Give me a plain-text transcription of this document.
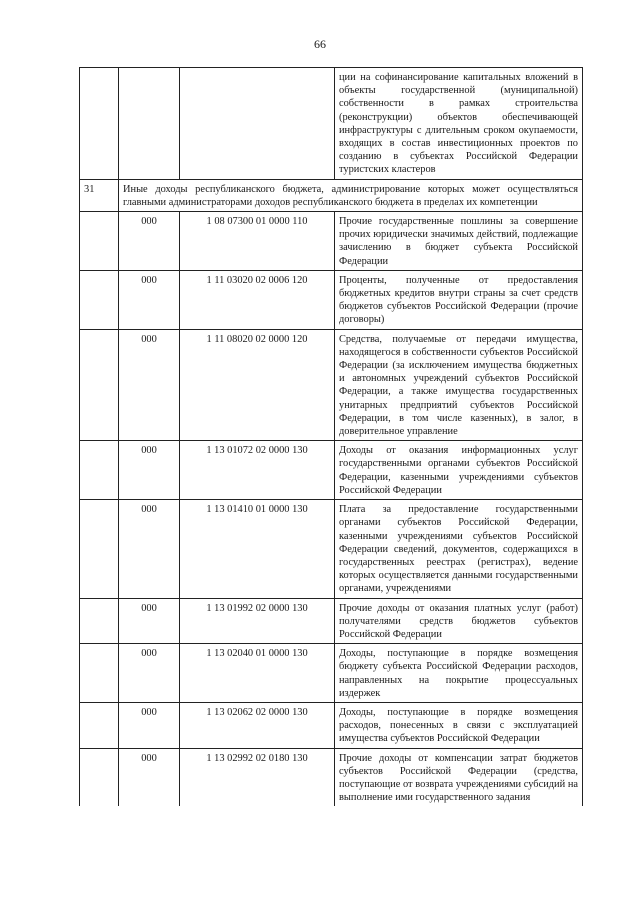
66
			ции на софинансирование капитальных вложений в объекты государственной (муниципальной) собственности в рамках строительства (реконструкции) объектов обеспечивающей инфраструктуры с длительным сроком окупаемости, входящих в состав инвестиционных проектов по созданию в субъектах Российской Федерации туристских кластеров
31	Иные доходы республиканского бюджета, администрирование которых может осуществляться главными администраторами доходов республиканского бюджета в пределах их компетенции		
	000	1 08 07300 01 0000 110	Прочие государственные пошлины за совершение прочих юридически значимых действий, подлежащие зачислению в бюджет субъекта Российской Федерации
	000	1 11 03020 02 0006 120	Проценты, полученные от предоставления бюджетных кредитов внутри страны за счет средств бюджетов субъектов Российской Федерации (прочие договоры)
	000	1 11 08020 02 0000 120	Средства, получаемые от передачи имущества, находящегося в собственности субъектов Российской Федерации (за исключением имущества бюджетных и автономных учреждений субъектов Российской Федерации, а также имущества государственных унитарных предприятий субъектов Российской Федерации, в том числе казенных), в залог, в доверительное управление
	000	1 13 01072 02 0000 130	Доходы от оказания информационных услуг государственными органами субъектов Российской Федерации, казенными учреждениями субъектов Российской Федерации
	000	1 13 01410 01 0000 130	Плата за предоставление государственными органами субъектов Российской Федерации, казенными учреждениями субъектов Российской Федерации сведений, документов, содержащихся в государственных реестрах (регистрах), ведение которых осуществляется данными государственными органами, учреждениями
	000	1 13 01992 02 0000 130	Прочие доходы от оказания платных услуг (работ) получателями средств бюджетов субъектов Российской Федерации
	000	1 13 02040 01 0000 130	Доходы, поступающие в порядке возмещения бюджету субъекта Российской Федерации расходов, направленных на покрытие процессуальных издержек
	000	1 13 02062 02 0000 130	Доходы, поступающие в порядке возмещения расходов, понесенных в связи с эксплуатацией имущества субъектов Российской Федерации
	000	1 13 02992 02 0180 130	Прочие доходы от компенсации затрат бюджетов субъектов Российской Федерации (средства, поступающие от возврата учреждениями субсидий на выполнение ими государственного задания
